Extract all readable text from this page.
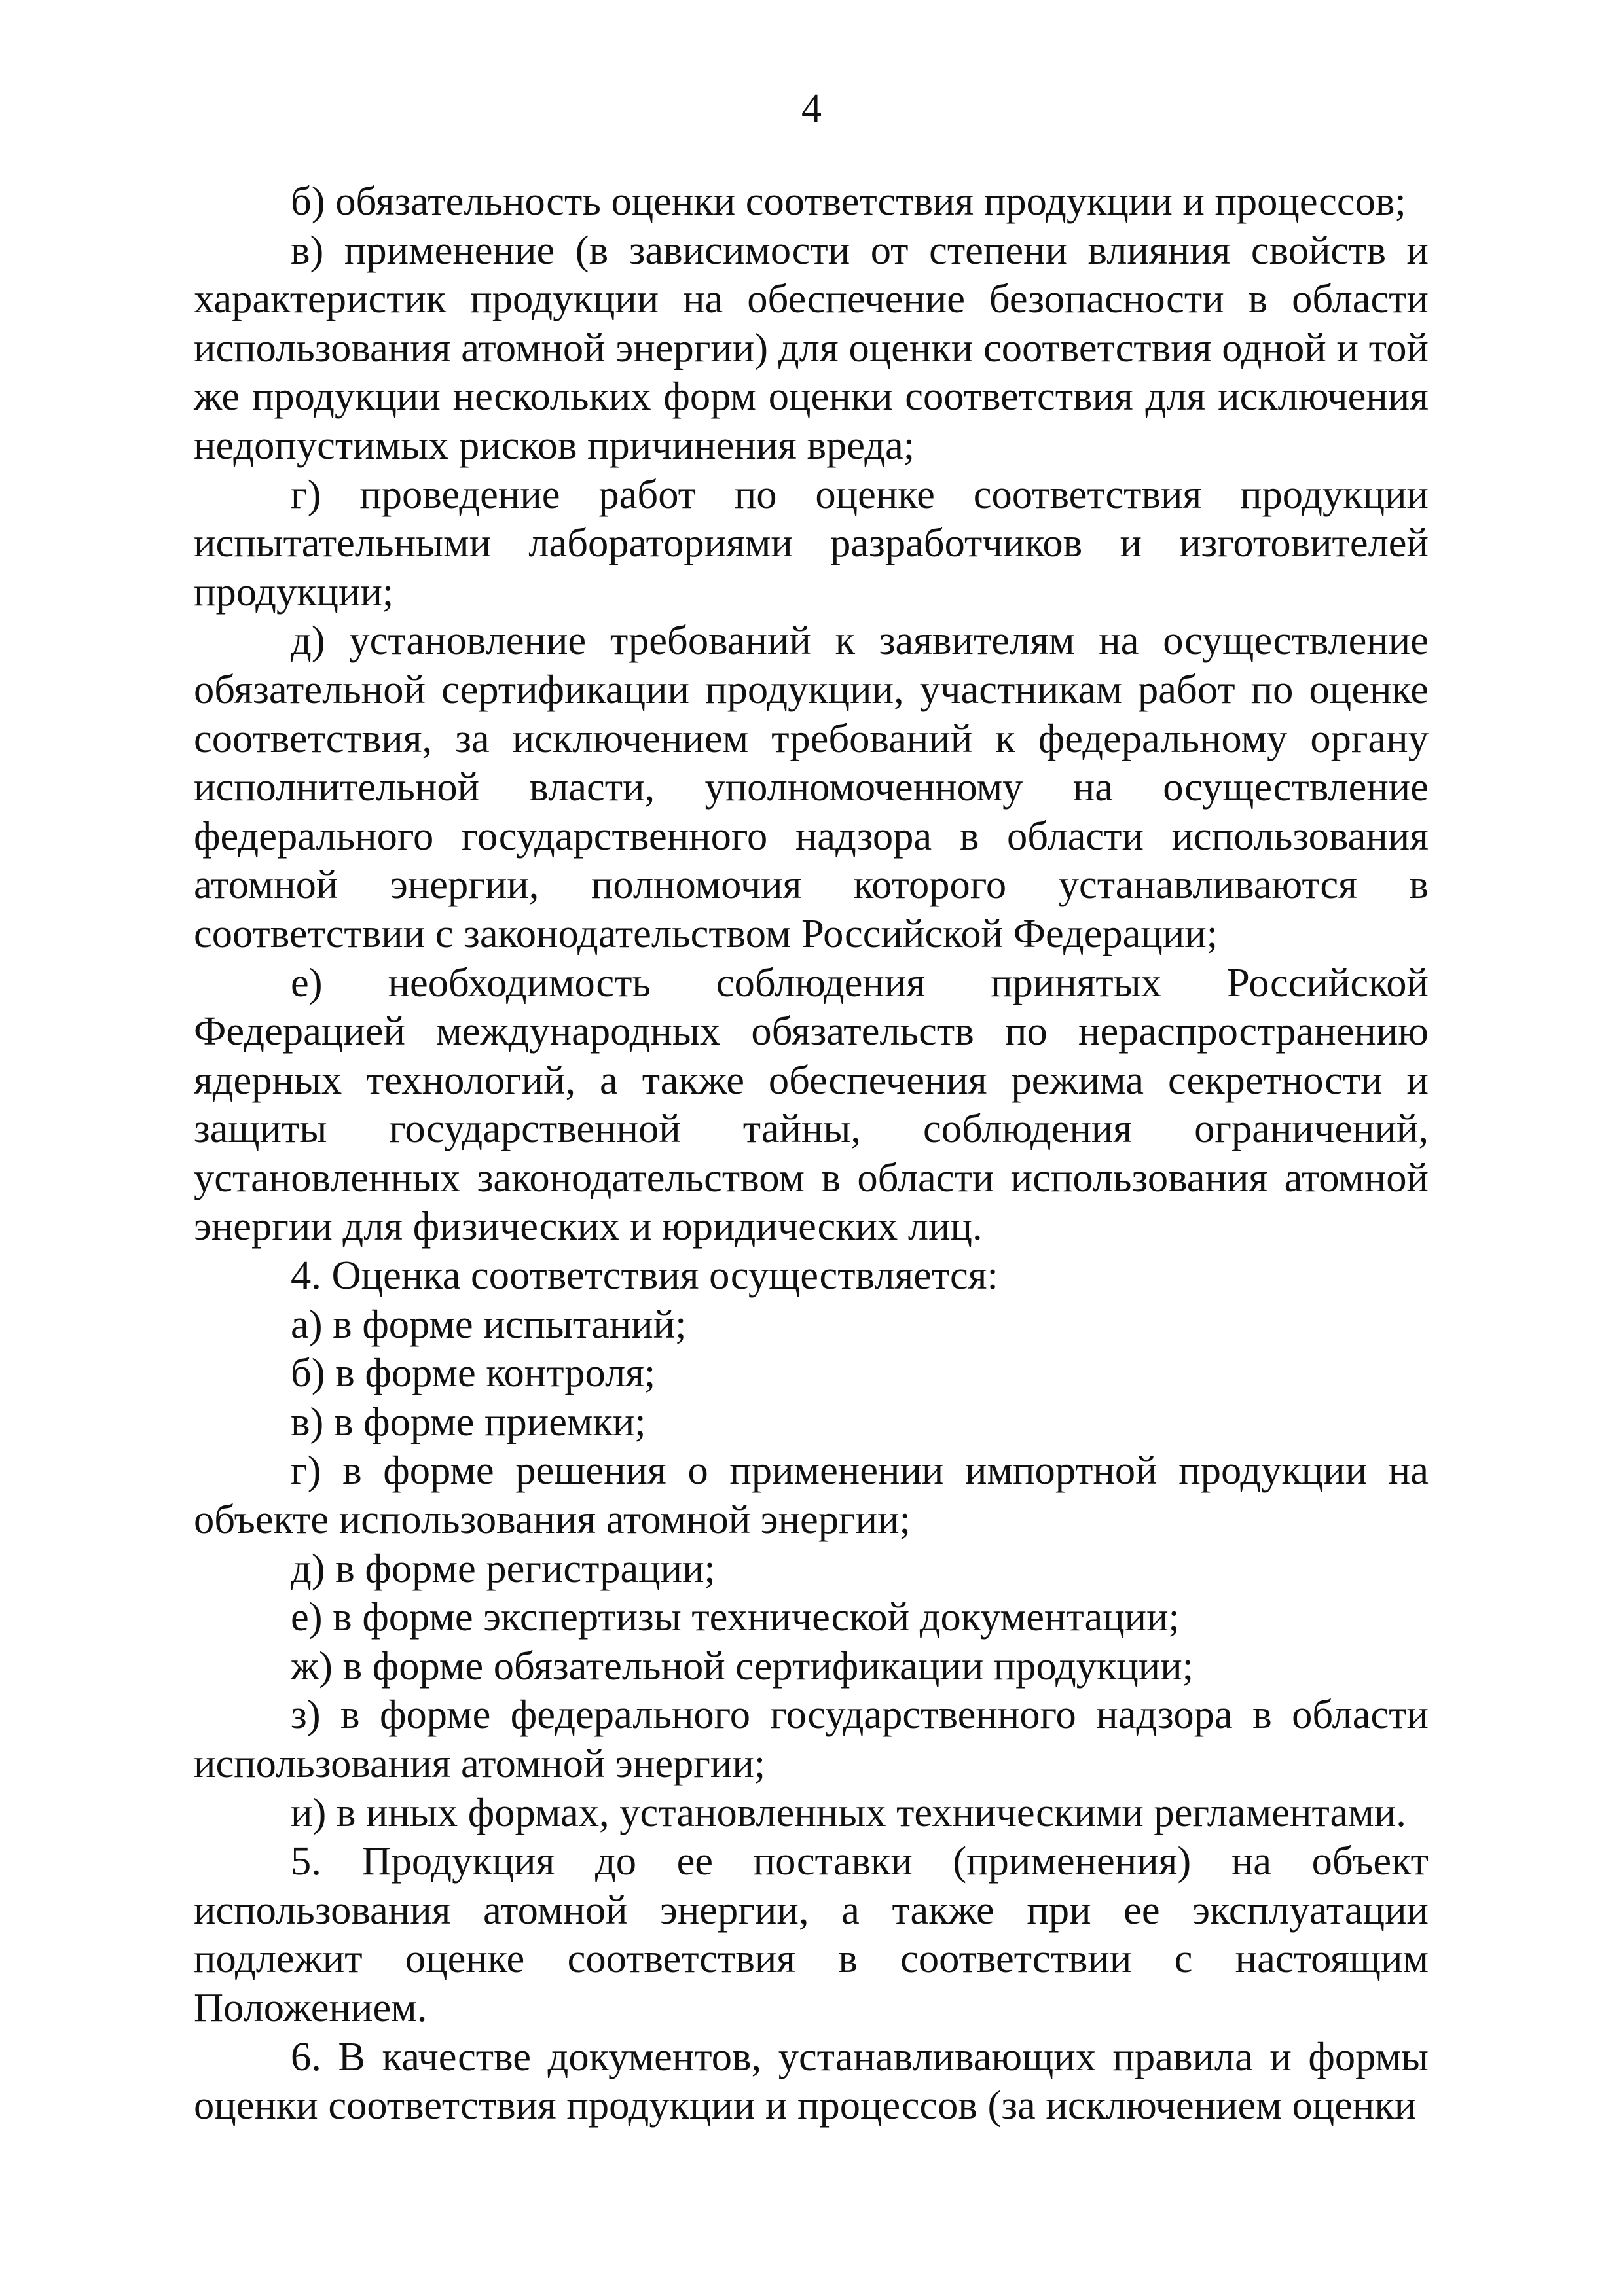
4

б) обязательность оценки соответствия продукции и процессов;

в) применение (в зависимости от степени влияния свойств и характеристик продукции на обеспечение безопасности в области использования атомной энергии) для оценки соответствия одной и той же продукции нескольких форм оценки соответствия для исключения недопустимых рисков причинения вреда;

г) проведение работ по оценке соответствия продукции испытательными лабораториями разработчиков и изготовителей продукции;

д) установление требований к заявителям на осуществление обязательной сертификации продукции, участникам работ по оценке соответствия, за исключением требований к федеральному органу исполнительной власти, уполномоченному на осуществление федерального государственного надзора в области использования атомной энергии, полномочия которого устанавливаются в соответствии с законодательством Российской Федерации;

е) необходимость соблюдения принятых Российской Федерацией международных обязательств по нераспространению ядерных технологий, а также обеспечения режима секретности и защиты государственной тайны, соблюдения ограничений, установленных законодательством в области использования атомной энергии для физических и юридических лиц.

4. Оценка соответствия осуществляется:

а) в форме испытаний;

б) в форме контроля;

в) в форме приемки;

г) в форме решения о применении импортной продукции на объекте использования атомной энергии;

д) в форме регистрации;

е) в форме экспертизы технической документации;

ж) в форме обязательной сертификации продукции;

з) в форме федерального государственного надзора в области использования атомной энергии;

и) в иных формах, установленных техническими регламентами.

5. Продукция до ее поставки (применения) на объект использования атомной энергии, а также при ее эксплуатации подлежит оценке соответствия в соответствии с настоящим Положением.

6. В качестве документов, устанавливающих правила и формы оценки соответствия продукции и процессов (за исключением оценки
